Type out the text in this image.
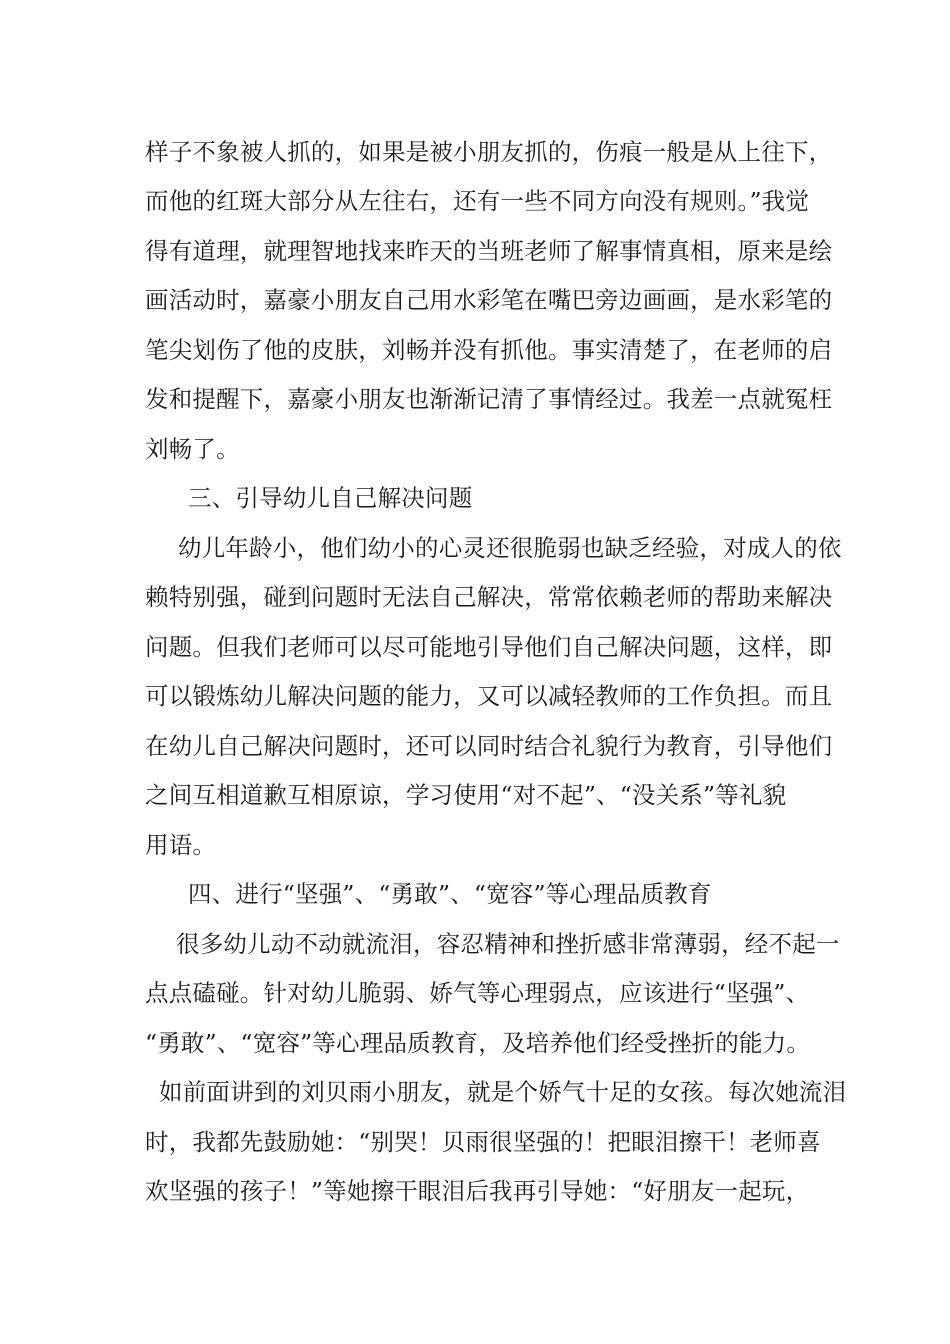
样子不象被人抓的，如果是被小朋友抓的，伤痕一般是从上往下，
而他的红斑大部分从左往右，还有一些不同方向没有规则。”我觉
得有道理，就理智地找来昨天的当班老师了解事情真相，原来是绘
画活动时，嘉豪小朋友自己用水彩笔在嘴巴旁边画画，是水彩笔的
笔尖划伤了他的皮肤，刘畅并没有抓他。事实清楚了，在老师的启
发和提醒下，嘉豪小朋友也渐渐记清了事情经过。我差一点就冤枉
刘畅了。
三、引导幼儿自己解决问题
幼儿年龄小，他们幼小的心灵还很脆弱也缺乏经验，对成人的依
赖特别强，碰到问题时无法自己解决，常常依赖老师的帮助来解决
问题。但我们老师可以尽可能地引导他们自己解决问题，这样，即
可以锻炼幼儿解决问题的能力，又可以减轻教师的工作负担。而且
在幼儿自己解决问题时，还可以同时结合礼貌行为教育，引导他们
之间互相道歉互相原谅，学习使用“对不起”、“没关系”等礼貌
用语。
四、进行“坚强”、“勇敢”、“宽容”等心理品质教育
很多幼儿动不动就流泪，容忍精神和挫折感非常薄弱，经不起一
点点磕碰。针对幼儿脆弱、娇气等心理弱点，应该进行“坚强”、
“勇敢”、“宽容”等心理品质教育，及培养他们经受挫折的能力。
如前面讲到的刘贝雨小朋友，就是个娇气十足的女孩。每次她流泪
时，我都先鼓励她：“别哭！贝雨很坚强的！把眼泪擦干！老师喜
欢坚强的孩子！”等她擦干眼泪后我再引导她：“好朋友一起玩，
